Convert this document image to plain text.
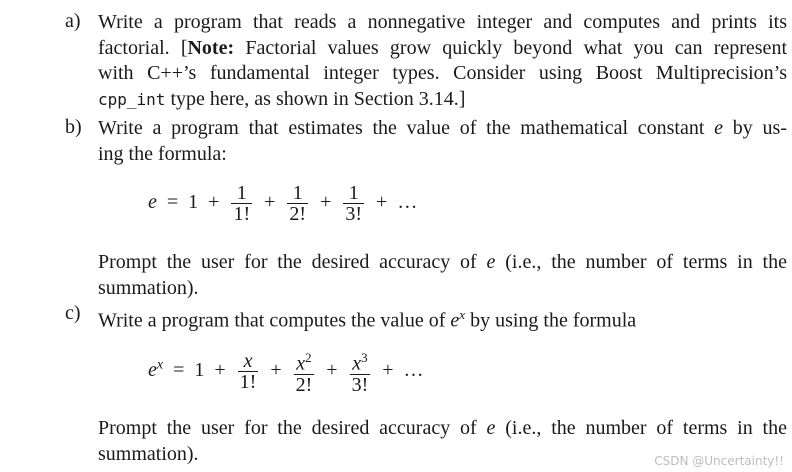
a) Write a program that reads a nonnegative integer and computes and prints its
factorial. [Note: Factorial values grow quickly beyond what you can represent
with C++’s fundamental integer types. Consider using Boost Multiprecision’s
cpp_int type here, as shown in Section 3.14.]
b) Write a program that estimates the value of the mathematical constant e by us-
ing the formula:
$e = 1 + \frac{1}{1!} + \frac{1}{2!} + \frac{1}{3!}$ + …
Prompt the user for the desired accuracy of e (i.e., the number of terms in the
summation).
c) Write a program that computes the value of $e^x$ by using the formula
$e^x = 1 + \frac{x}{1!} + \frac{x^2}{2!} + \frac{x^3}{3!}$ + …
Prompt the user for the desired accuracy of e (i.e., the number of terms in the
summation).	CSDN @Uncertainty!!
